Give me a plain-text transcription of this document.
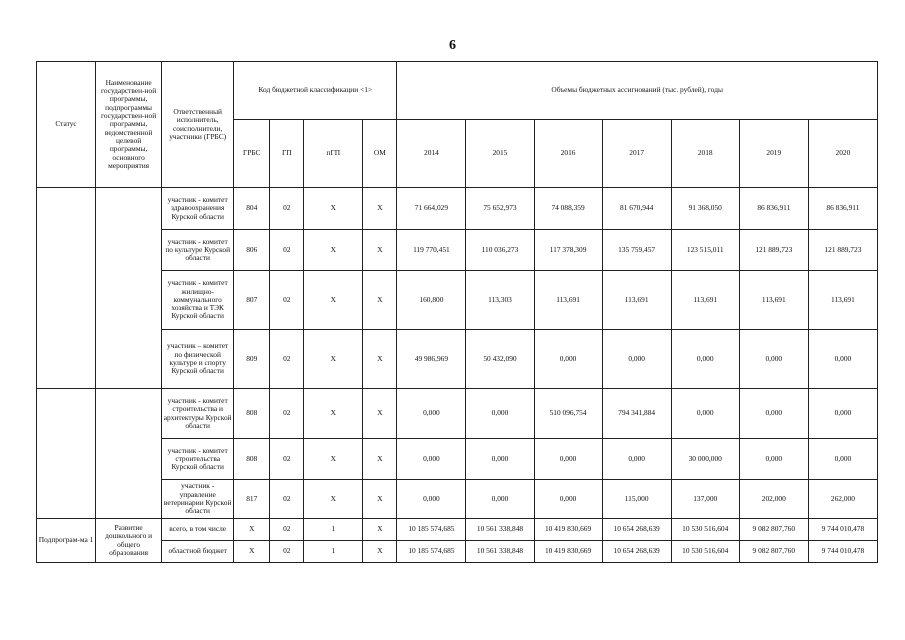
6
Статус	Наименование государствен-ной программы, подпрограммы государствен-ной программы, ведомственной целевой программы, основного мероприятия	Ответственный исполнитель, соисполнители, участники (ГРБС)	Код бюджетной классификации <1>				Объемы бюджетных ассигнований (тыс. рублей), годы						
			ГРБС	ГП	пГП	ОМ	2014	2015	2016	2017	2018	2019	2020
		участник - комитет здравоохранения Курской области	804	02	Х	Х	71 664,029	75 652,973	74 088,359	81 670,944	91 368,050	86 836,911	86 836,911
		участник - комитет по культуре Курской области	806	02	Х	Х	119 770,451	110 036,273	117 378,309	135 759,457	123 515,011	121 889,723	121 889,723
		участник - комитет жилищно-коммунального хозяйства и ТЭК Курской области	807	02	Х	Х	160,800	113,303	113,691	113,691	113,691	113,691	113,691
		участник – комитет по физической культуре и спорту Курской области	809	02	Х	Х	49 986,969	50 432,090	0,000	0,000	0,000	0,000	0,000
		участник - комитет строительства и архитектуры Курской области	808	02	Х	Х	0,000	0,000	510 096,754	794 341,884	0,000	0,000	0,000
		участник - комитет строительства Курской области	808	02	Х	Х	0,000	0,000	0,000	0,000	30 000,000	0,000	0,000
		участник - управление ветеринарии Курской области	817	02	Х	Х	0,000	0,000	0,000	115,000	137,000	202,000	262,000
Подпрограм-ма 1	Развитие дошкольного и общего образования	всего, в том числе	Х	02	1	Х	10 185 574,685	10 561 338,848	10 419 830,669	10 654 268,639	10 530 516,604	9 082 807,760	9 744 010,478
		областной бюджет	Х	02	1	Х	10 185 574,685	10 561 338,848	10 419 830,669	10 654 268,639	10 530 516,604	9 082 807,760	9 744 010,478
